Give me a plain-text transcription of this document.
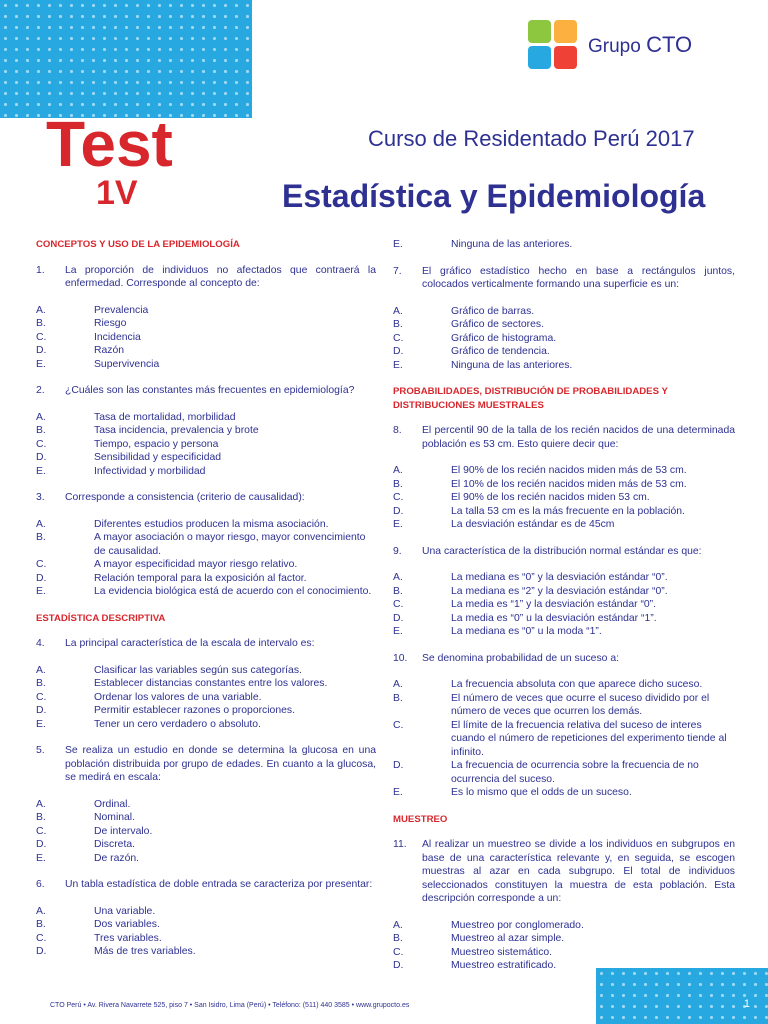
Grupo CTO
Test
1V
Curso de Residentado Perú 2017
Estadística y Epidemiología
CONCEPTOS Y USO DE LA EPIDEMIOLOGÍA
1.	La proporción de individuos no afectados que contraerá la enfermedad. Corresponde al concepto de:
A.	Prevalencia
B.	Riesgo
C.	Incidencia
D.	Razón
E.	Supervivencia
2.	¿Cuáles son las constantes más frecuentes en epidemiología?
A.	Tasa de mortalidad, morbilidad
B.	Tasa incidencia, prevalencia y brote
C.	Tiempo, espacio y persona
D.	Sensibilidad y especificidad
E.	Infectividad y morbilidad
3.	Corresponde a consistencia (criterio de causalidad):
A.	Diferentes estudios producen la misma asociación.
B.	A mayor asociación o mayor riesgo, mayor convencimiento de causalidad.
C.	A mayor especificidad mayor riesgo relativo.
D.	Relación temporal para la exposición al factor.
E.	La evidencia biológica está de acuerdo con el conocimiento.
ESTADÍSTICA DESCRIPTIVA
4.	La principal característica de la escala de intervalo es:
A.	Clasificar las variables según sus categorías.
B.	Establecer distancias constantes entre los valores.
C.	Ordenar los valores de una variable.
D.	Permitir establecer razones o proporciones.
E.	Tener un cero verdadero o absoluto.
5.	Se realiza un estudio en donde se determina la glucosa en una población distribuida por grupo de edades. En cuanto a la glucosa, se medirá en escala:
A.	Ordinal.
B.	Nominal.
C.	De intervalo.
D.	Discreta.
E.	De razón.
6.	Un tabla estadística de doble entrada se caracteriza por presentar:
A.	Una variable.
B.	Dos variables.
C.	Tres variables.
D.	Más de tres variables.
E.	Ninguna de las anteriores.
7.	El gráfico estadístico hecho en base a rectángulos juntos, colocados verticalmente formando una superficie es un:
A.	Gráfico de barras.
B.	Gráfico de sectores.
C.	Gráfico de histograma.
D.	Gráfico de tendencia.
E.	Ninguna de las anteriores.
PROBABILIDADES, DISTRIBUCIÓN DE PROBABILIDADES Y DISTRIBUCIONES MUESTRALES
8.	El percentil 90 de la talla de los recién nacidos de una determinada población es 53 cm. Esto quiere decir que:
A.	El 90% de los recién nacidos miden más de 53 cm.
B.	El 10% de los recién nacidos miden más de 53 cm.
C.	El 90% de los recién nacidos miden 53 cm.
D.	La talla 53 cm es la más frecuente en la población.
E.	La desviación estándar es de 45cm
9.	Una característica de la distribución normal estándar es que:
A.	La mediana es “0” y la desviación estándar “0”.
B.	La mediana es “2” y la desviación estándar “0”.
C.	La media es “1” y la desviación estándar “0”.
D.	La media es “0” u la desviación estándar “1”.
E.	La mediana es “0” u la moda “1”.
10.	Se denomina probabilidad de un suceso a:
A.	La frecuencia absoluta con que aparece dicho suceso.
B.	El número de veces que ocurre el suceso dividido por el número de veces que ocurren los demás.
C.	El límite de la frecuencia relativa del suceso de interes cuando el número de repeticiones del experimento tiende al infinito.
D.	La frecuencia de ocurrencia sobre la frecuencia de no ocurrencia del suceso.
E.	Es lo mismo que el odds de un suceso.
MUESTREO
11.	Al realizar un muestreo se divide a los individuos en subgrupos en base de una característica relevante y, en seguida, se escogen muestras al azar en cada subgrupo. El total de individuos seleccionados constituyen la muestra de esta población. Esta descripción corresponde a un:
A.	Muestreo por conglomerado.
B.	Muestreo al azar simple.
C.	Muestreo sistemático.
D.	Muestreo estratificado.
CTO Perú • Av. Rivera Navarrete 525, piso 7 • San Isidro, Lima (Perú) • Teléfono: (511) 440 3585 • www.grupocto.es	1
